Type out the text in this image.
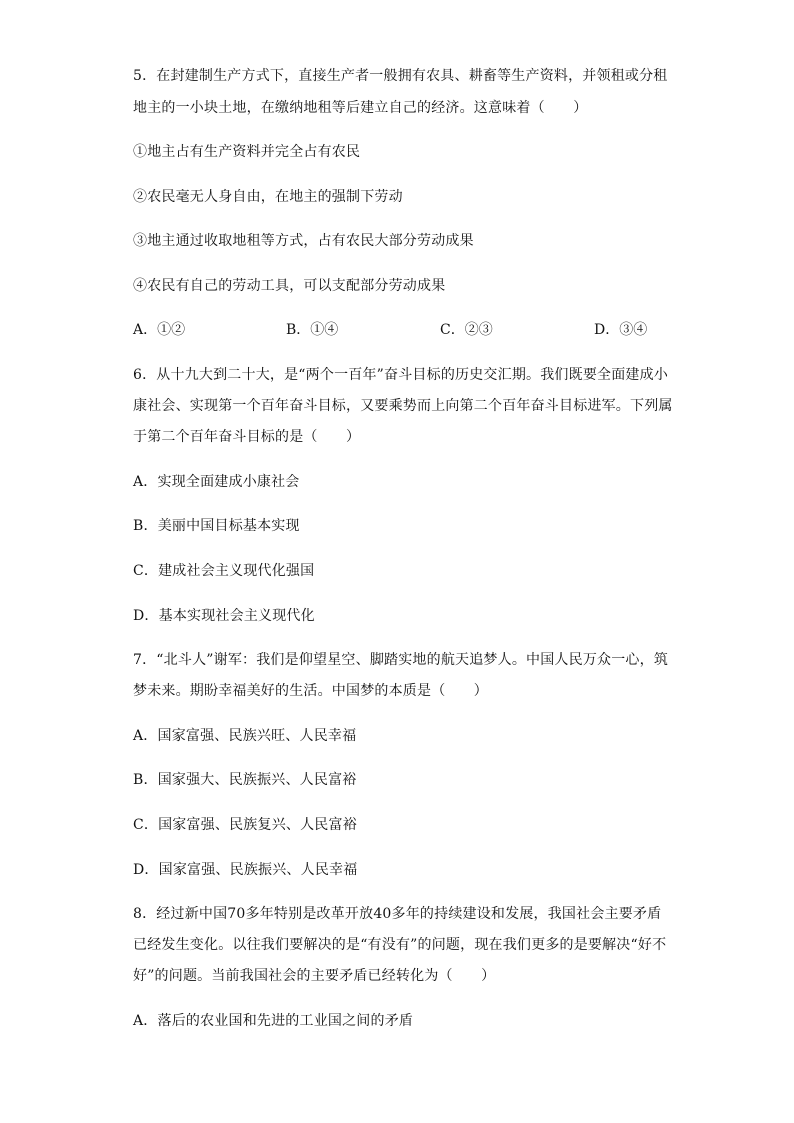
5．在封建制生产方式下，直接生产者一般拥有农具、耕畜等生产资料，并领租或分租
地主的一小块土地，在缴纳地租等后建立自己的经济。这意味着（　　）
①地主占有生产资料并完全占有农民
②农民毫无人身自由，在地主的强制下劳动
③地主通过收取地租等方式，占有农民大部分劳动成果
④农民有自己的劳动工具，可以支配部分劳动成果
A．①②	B．①④	C．②③	D．③④
6．从十九大到二十大，是“两个一百年”奋斗目标的历史交汇期。我们既要全面建成小
康社会、实现第一个百年奋斗目标，又要乘势而上向第二个百年奋斗目标进军。下列属
于第二个百年奋斗目标的是（　　）
A．实现全面建成小康社会
B．美丽中国目标基本实现
C．建成社会主义现代化强国
D．基本实现社会主义现代化
7．“北斗人”谢军：我们是仰望星空、脚踏实地的航天追梦人。中国人民万众一心，筑
梦未来。期盼幸福美好的生活。中国梦的本质是（　　）
A．国家富强、民族兴旺、人民幸福
B．国家强大、民族振兴、人民富裕
C．国家富强、民族复兴、人民富裕
D．国家富强、民族振兴、人民幸福
8．经过新中国70多年特别是改革开放40多年的持续建设和发展，我国社会主要矛盾
已经发生变化。以往我们要解决的是“有没有”的问题，现在我们更多的是要解决“好不
好”的问题。当前我国社会的主要矛盾已经转化为（　　）
A．落后的农业国和先进的工业国之间的矛盾
